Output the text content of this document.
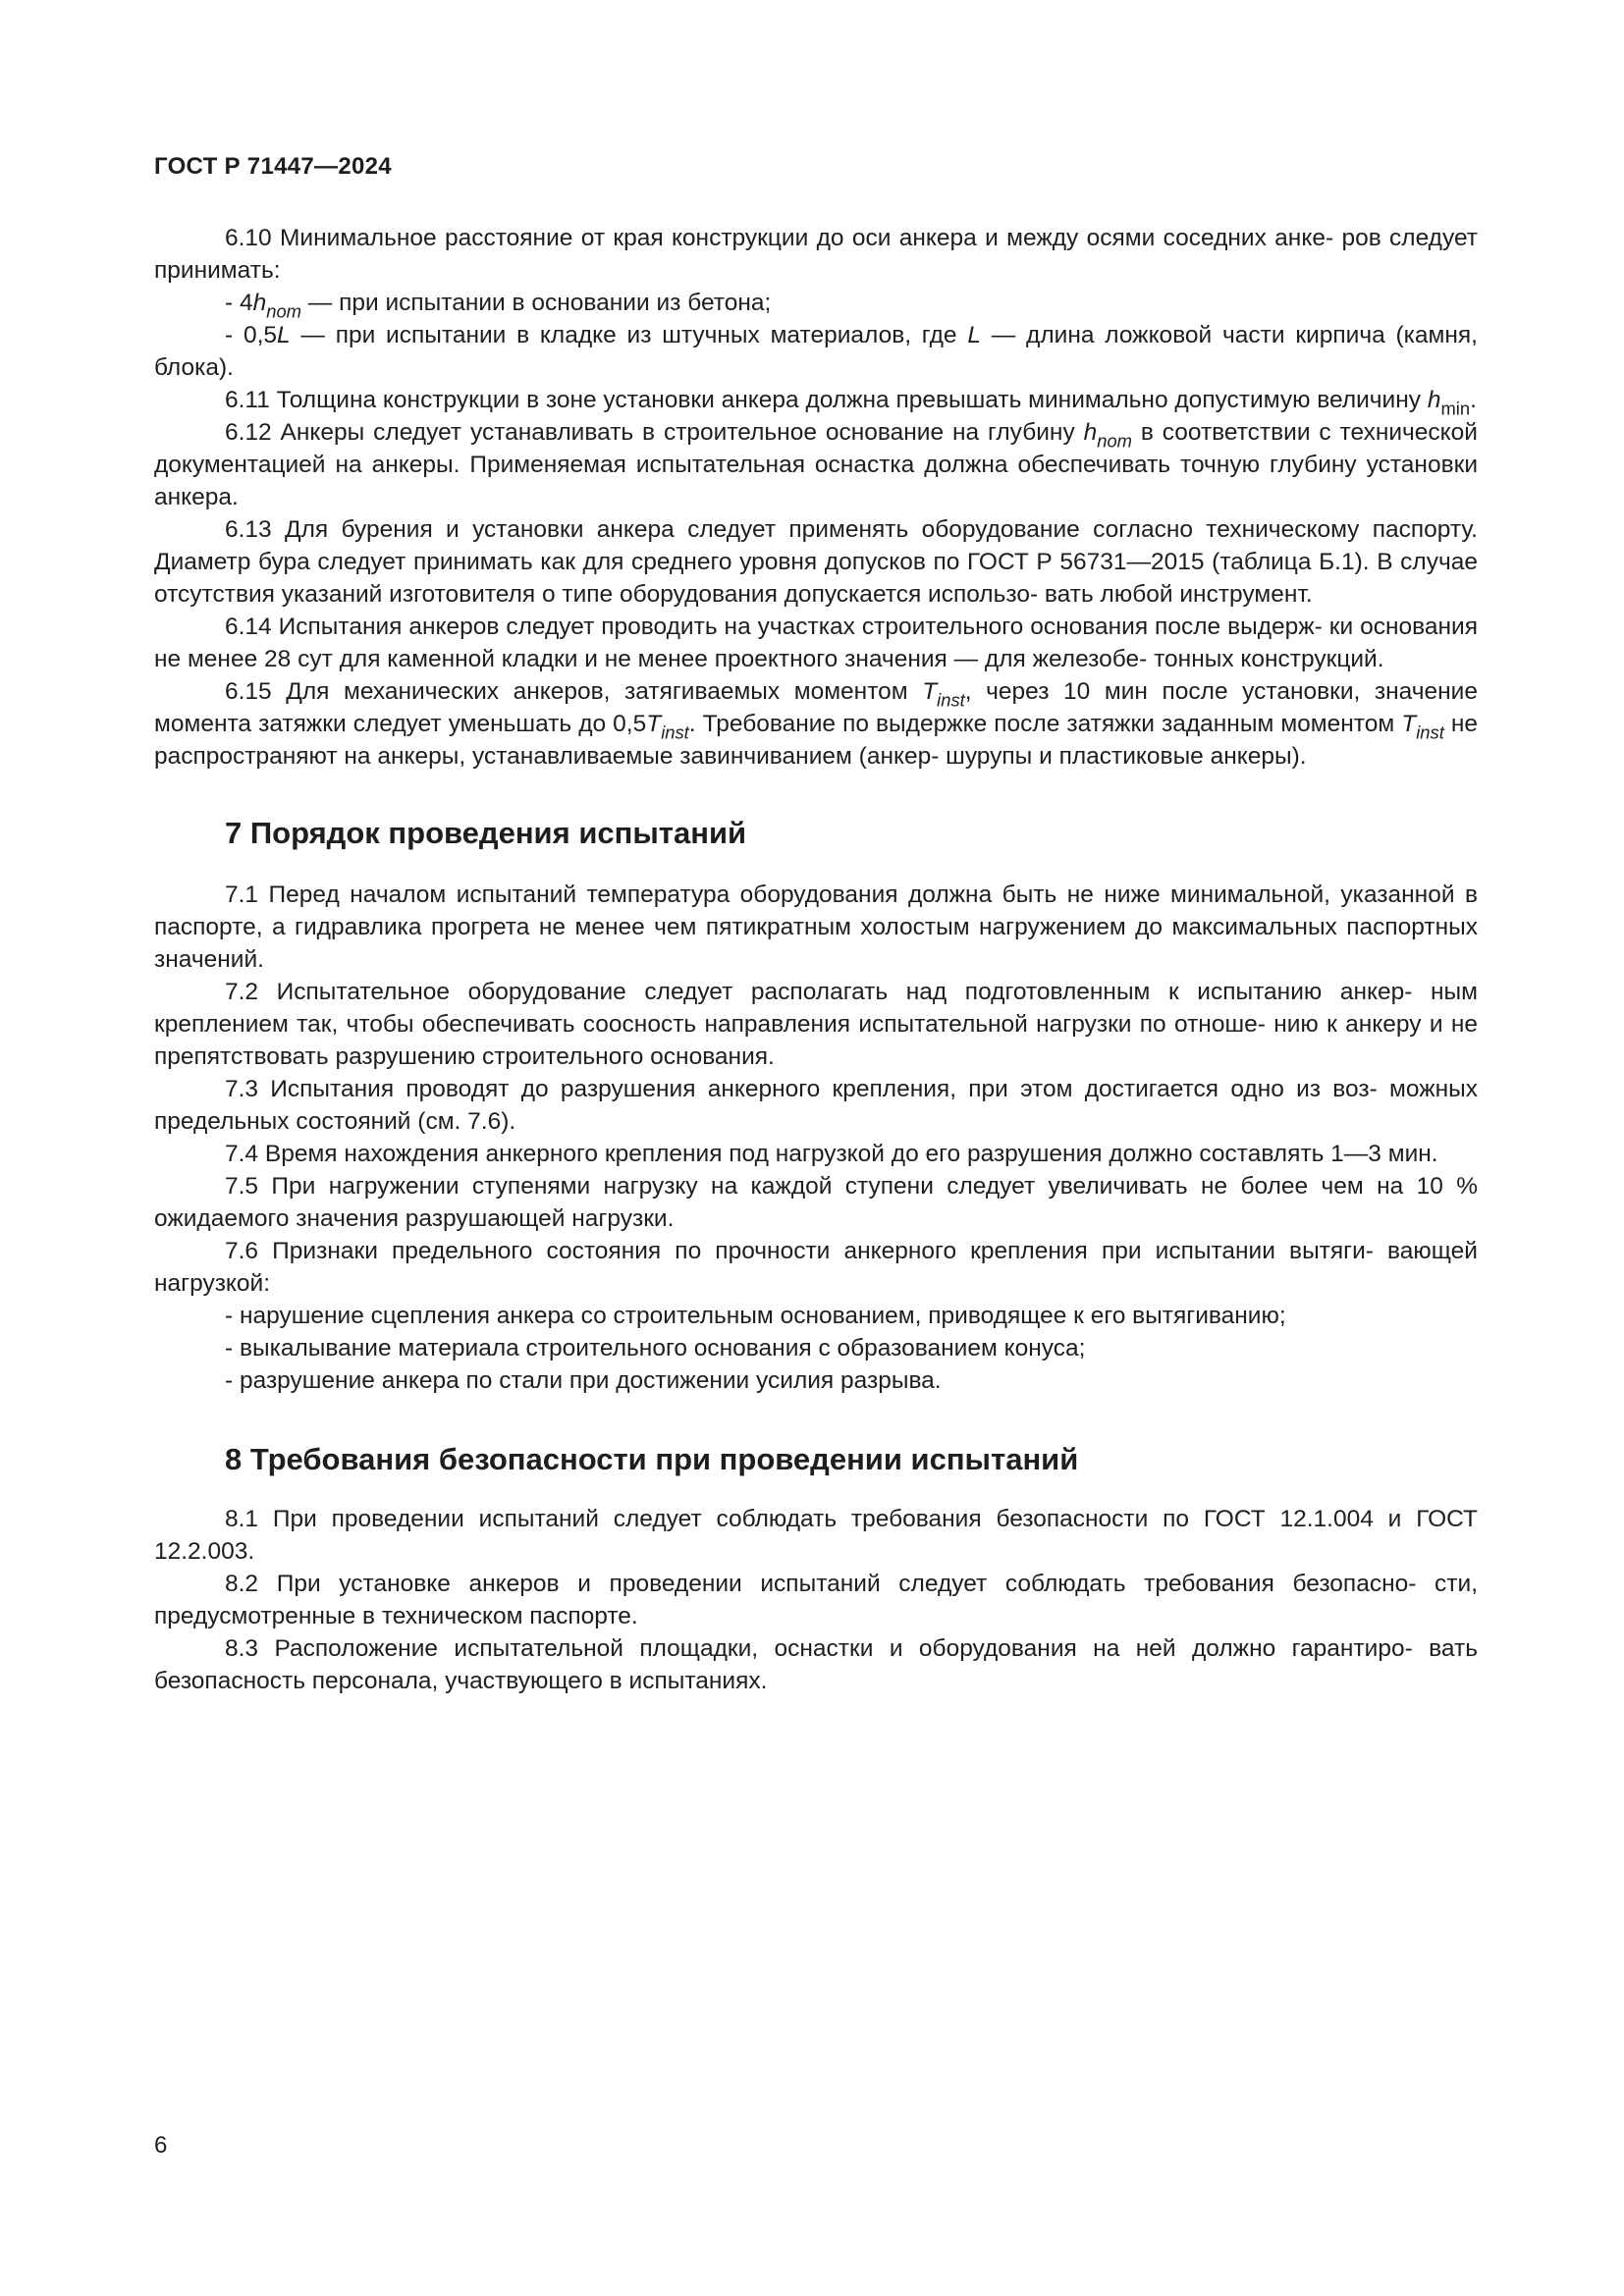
ГОСТ Р 71447—2024

6.10 Минимальное расстояние от края конструкции до оси анкера и между осями соседних анке- ров следует принимать:

- $4h_{nom}$ — при испытании в основании из бетона;

- 0,5L — при испытании в кладке из штучных материалов, где L — длина ложковой части кирпича (камня, блока).

6.11 Толщина конструкции в зоне установки анкера должна превышать минимально допустимую величину $h_{min}$.

6.12 Анкеры следует устанавливать в строительное основание на глубину $h_{nom}$ в соответствии с технической документацией на анкеры. Применяемая испытательная оснастка должна обеспечивать точную глубину установки анкера.

6.13 Для бурения и установки анкера следует применять оборудование согласно техническому паспорту. Диаметр бура следует принимать как для среднего уровня допусков по ГОСТ Р 56731—2015 (таблица Б.1). В случае отсутствия указаний изготовителя о типе оборудования допускается использо- вать любой инструмент.

6.14 Испытания анкеров следует проводить на участках строительного основания после выдерж- ки основания не менее 28 сут для каменной кладки и не менее проектного значения — для железобе- тонных конструкций.

6.15 Для механических анкеров, затягиваемых моментом $T_{inst}$, через 10 мин после установки, значение момента затяжки следует уменьшать до $0,5T_{inst}$. Требование по выдержке после затяжки заданным моментом $T_{inst}$ не распространяют на анкеры, устанавливаемые завинчиванием (анкер- шурупы и пластиковые анкеры).

7 Порядок проведения испытаний

7.1 Перед началом испытаний температура оборудования должна быть не ниже минимальной, указанной в паспорте, а гидравлика прогрета не менее чем пятикратным холостым нагружением до максимальных паспортных значений.

7.2 Испытательное оборудование следует располагать над подготовленным к испытанию анкер- ным креплением так, чтобы обеспечивать соосность направления испытательной нагрузки по отноше- нию к анкеру и не препятствовать разрушению строительного основания.

7.3 Испытания проводят до разрушения анкерного крепления, при этом достигается одно из воз- можных предельных состояний (см. 7.6).

7.4 Время нахождения анкерного крепления под нагрузкой до его разрушения должно составлять 1—3 мин.

7.5 При нагружении ступенями нагрузку на каждой ступени следует увеличивать не более чем на 10 % ожидаемого значения разрушающей нагрузки.

7.6 Признаки предельного состояния по прочности анкерного крепления при испытании вытяги- вающей нагрузкой:

- нарушение сцепления анкера со строительным основанием, приводящее к его вытягиванию;

- выкалывание материала строительного основания с образованием конуса;

- разрушение анкера по стали при достижении усилия разрыва.

8 Требования безопасности при проведении испытаний

8.1 При проведении испытаний следует соблюдать требования безопасности по ГОСТ 12.1.004 и ГОСТ 12.2.003.

8.2 При установке анкеров и проведении испытаний следует соблюдать требования безопасно- сти, предусмотренные в техническом паспорте.

8.3 Расположение испытательной площадки, оснастки и оборудования на ней должно гарантиро- вать безопасность персонала, участвующего в испытаниях.

6
